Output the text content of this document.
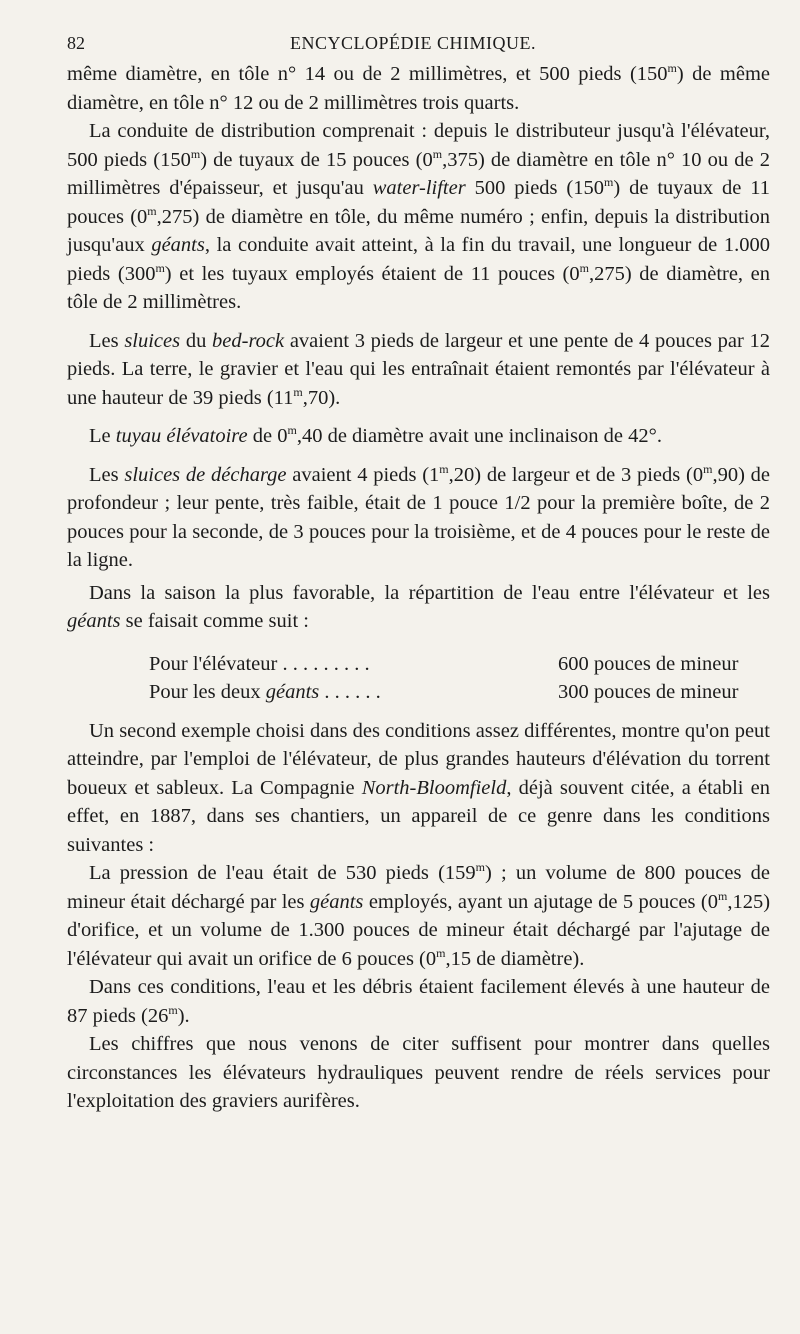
82	ENCYCLOPÉDIE CHIMIQUE.

même diamètre, en tôle n° 14 ou de 2 millimètres, et 500 pieds (150$^m$) de même diamètre, en tôle n° 12 ou de 2 millimètres trois quarts.

La conduite de distribution comprenait : depuis le distributeur jusqu'à l'élévateur, 500 pieds (150$^m$) de tuyaux de 15 pouces (0$^m$,375) de diamètre en tôle n° 10 ou de 2 millimètres d'épaisseur, et jusqu'au water-lifter 500 pieds (150$^m$) de tuyaux de 11 pouces (0$^m$,275) de diamètre en tôle, du même numéro ; enfin, depuis la distribution jusqu'aux géants, la conduite avait atteint, à la fin du travail, une longueur de 1.000 pieds (300$^m$) et les tuyaux employés étaient de 11 pouces (0$^m$,275) de diamètre, en tôle de 2 millimètres.

Les sluices du bed-rock avaient 3 pieds de largeur et une pente de 4 pouces par 12 pieds. La terre, le gravier et l'eau qui les entraînait étaient remontés par l'élévateur à une hauteur de 39 pieds (11$^m$,70).

Le tuyau élévatoire de 0$^m$,40 de diamètre avait une inclinaison de 42°.

Les sluices de décharge avaient 4 pieds (1$^m$,20) de largeur et de 3 pieds (0$^m$,90) de profondeur ; leur pente, très faible, était de 1 pouce 1/2 pour la première boîte, de 2 pouces pour la seconde, de 3 pouces pour la troisième, et de 4 pouces pour le reste de la ligne.

Dans la saison la plus favorable, la répartition de l'eau entre l'élévateur et les géants se faisait comme suit :

Pour l'élévateur . . . . . . . . .	600 pouces de mineur
Pour les deux géants . . . . . .	300 pouces de mineur

Un second exemple choisi dans des conditions assez différentes, montre qu'on peut atteindre, par l'emploi de l'élévateur, de plus grandes hauteurs d'élévation du torrent boueux et sableux. La Compagnie North-Bloomfield, déjà souvent citée, a établi en effet, en 1887, dans ses chantiers, un appareil de ce genre dans les conditions suivantes :

La pression de l'eau était de 530 pieds (159$^m$) ; un volume de 800 pouces de mineur était déchargé par les géants employés, ayant un ajutage de 5 pouces (0$^m$,125) d'orifice, et un volume de 1.300 pouces de mineur était déchargé par l'ajutage de l'élévateur qui avait un orifice de 6 pouces (0$^m$,15 de diamètre).

Dans ces conditions, l'eau et les débris étaient facilement élevés à une hauteur de 87 pieds (26$^m$).

Les chiffres que nous venons de citer suffisent pour montrer dans quelles circonstances les élévateurs hydrauliques peuvent rendre de réels services pour l'exploitation des graviers aurifères.
